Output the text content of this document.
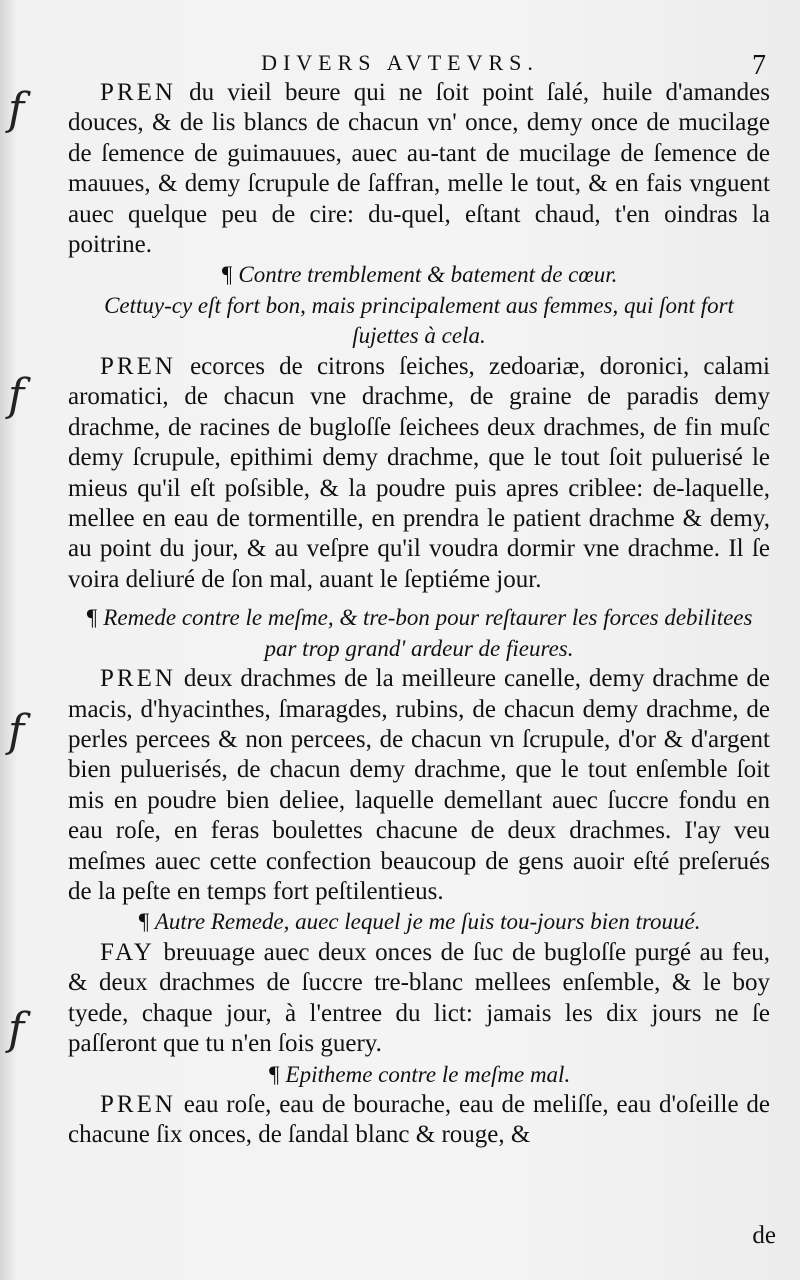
DIVERS AVTEVRS.	7
f
f
f
f

PREN du vieil beure qui ne ſoit point ſalé, huile d'amandes douces, & de lis blancs de chacun vn' once, demy once de mucilage de ſemence de guimauues, auec au-tant de mucilage de ſemence de mauues, & demy ſcrupule de ſaffran, melle le tout, & en fais vnguent auec quelque peu de cire: du-quel, eſtant chaud, t'en oindras la poitrine.

¶ Contre tremblement & batement de cœur.

Cettuy-cy eſt fort bon, mais principalement aus femmes, qui ſont fort ſujettes à cela.

PREN ecorces de citrons ſeiches, zedoariæ, doronici, calami aromatici, de chacun vne drachme, de graine de paradis demy drachme, de racines de bugloſſe ſeichees deux drachmes, de fin muſc demy ſcrupule, epithimi demy drachme, que le tout ſoit puluerisé le mieus qu'il eſt poſsible, & la poudre puis apres criblee: de-laquelle, mellee en eau de tormentille, en prendra le patient drachme & demy, au point du jour, & au veſpre qu'il voudra dormir vne drachme. Il ſe voira deliuré de ſon mal, auant le ſeptiéme jour.

¶ Remede contre le meſme, & tre-bon pour reſtaurer les forces debilitees par trop grand' ardeur de fieures.

PREN deux drachmes de la meilleure canelle, demy drachme de macis, d'hyacinthes, ſmaragdes, rubins, de chacun demy drachme, de perles percees & non percees, de chacun vn ſcrupule, d'or & d'argent bien puluerisés, de chacun demy drachme, que le tout enſemble ſoit mis en poudre bien deliee, laquelle demellant auec ſuccre fondu en eau roſe, en feras boulettes chacune de deux drachmes. I'ay veu meſmes auec cette confection beaucoup de gens auoir eſté preſerués de la peſte en temps fort peſtilentieus.

¶ Autre Remede, auec lequel je me ſuis tou-jours bien trouué.

FAY breuuage auec deux onces de ſuc de bugloſſe purgé au feu, & deux drachmes de ſuccre tre-blanc mellees enſemble, & le boy tyede, chaque jour, à l'entree du lict: jamais les dix jours ne ſe paſſeront que tu n'en ſois guery.

¶ Epitheme contre le meſme mal.

PREN eau roſe, eau de bourache, eau de meliſſe, eau d'oſeille de chacune ſix onces, de ſandal blanc & rouge, &

de
